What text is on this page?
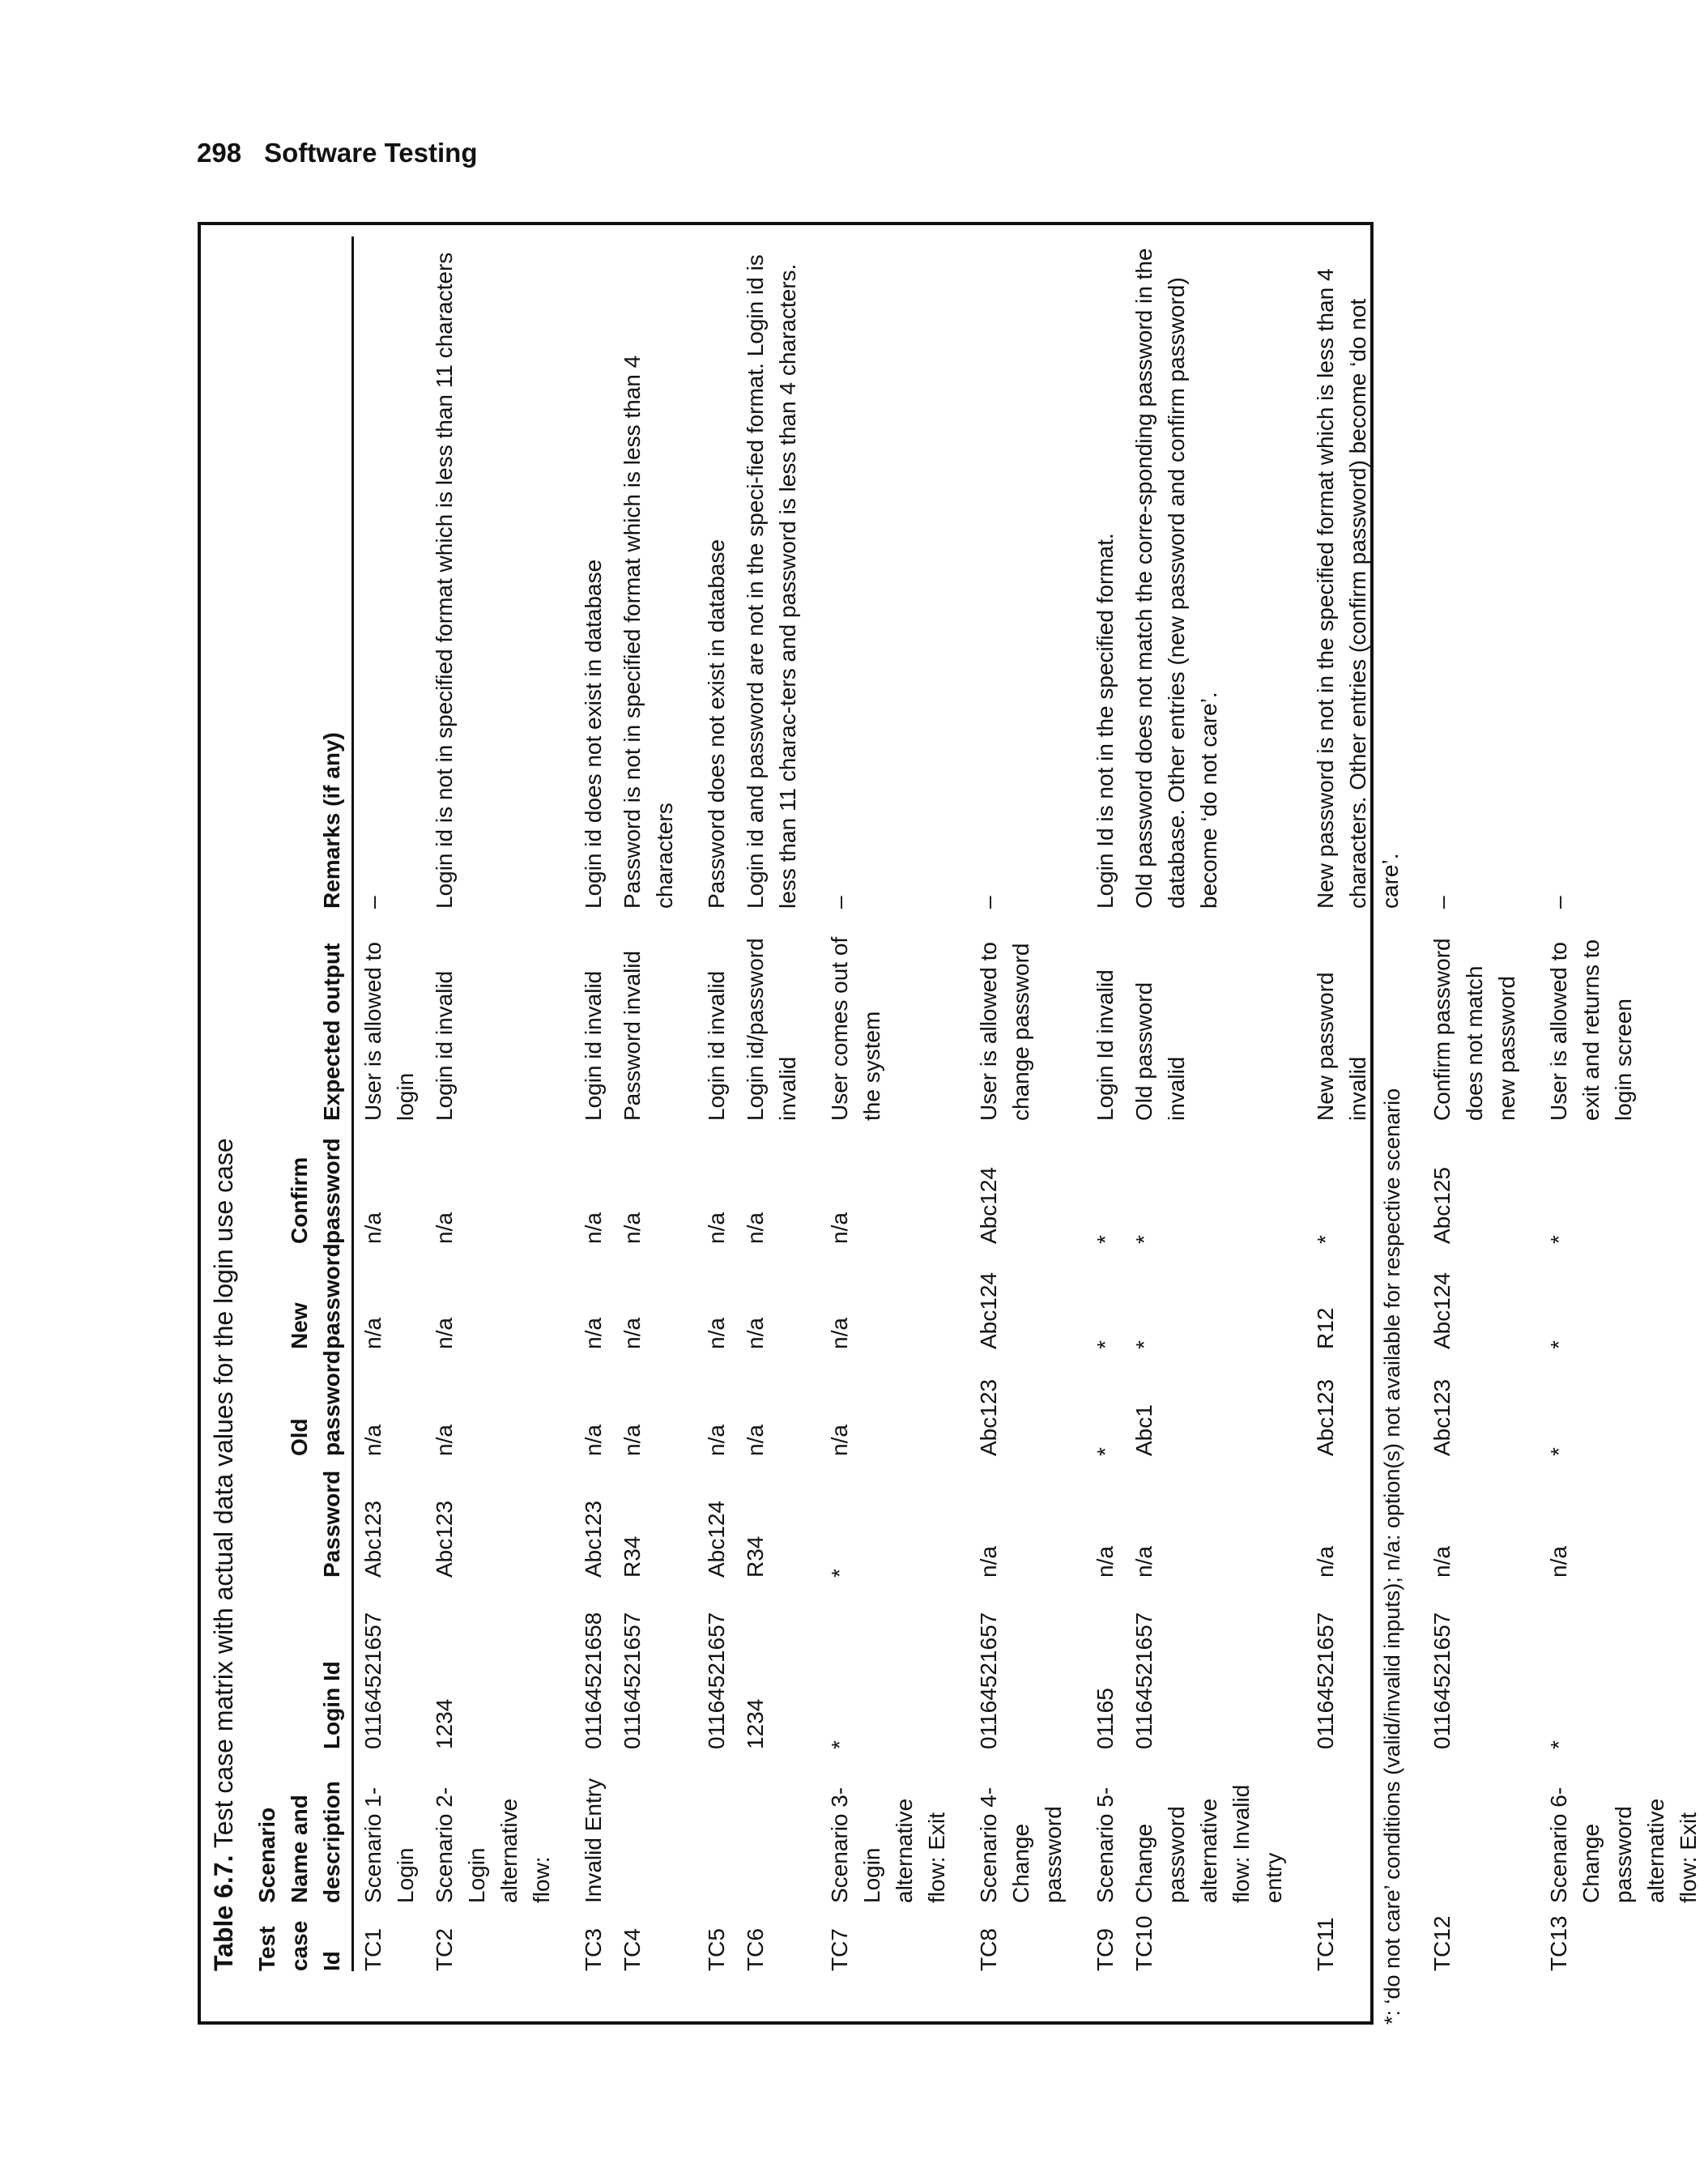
298 Software Testing
Table 6.7. Test case matrix with actual data values for the login use case
Test case Id	Scenario Name and description	Login Id	Password	Old password	New password	Confirm password	Expected output	Remarks (if any)
TC1	Scenario 1- Login	01164521657	Abc123	n/a	n/a	n/a	User is allowed to login	–
TC2	Scenario 2- Login alternative flow:	1234	Abc123	n/a	n/a	n/a	Login id invalid	Login id is not in specified format which is less than 11 characters
TC3	Invalid Entry	01164521658	Abc123	n/a	n/a	n/a	Login id invalid	Login id does not exist in database
TC4		01164521657	R34	n/a	n/a	n/a	Password invalid	Password is not in specified format which is less than 4 characters
TC5		01164521657	Abc124	n/a	n/a	n/a	Login id invalid	Password does not exist in database
TC6		1234	R34	n/a	n/a	n/a	Login id/password invalid	Login id and password are not in the speci-fied format. Login id is less than 11 charac-ters and password is less than 4 characters.
TC7	Scenario 3- Login alternative flow: Exit	*	*	n/a	n/a	n/a	User comes out of the system	–
TC8	Scenario 4- Change password	01164521657	n/a	Abc123	Abc124	Abc124	User is allowed to change password	–
TC9	Scenario 5-	01165	n/a	*	*	*	Login Id invalid	Login Id is not in the specified format.
TC10	Change password alternative flow: Invalid entry	01164521657	n/a	Abc1	*	*	Old password invalid	Old password does not match the corre-sponding password in the database. Other entries (new password and confirm password) become ‘do not care’.
TC11		01164521657	n/a	Abc123	R12	*	New password invalid	New password is not in the specified format which is less than 4 characters. Other entries (confirm password) become ‘do not care’.
TC12		01164521657	n/a	Abc123	Abc124	Abc125	Confirm password does not match new password	–
TC13	Scenario 6- Change password alternative flow: Exit	*	n/a	*	*	*	User is allowed to exit and returns to login screen	–
*: ‘do not care’ conditions (valid/invalid inputs); n/a: option(s) not available for respective scenario
